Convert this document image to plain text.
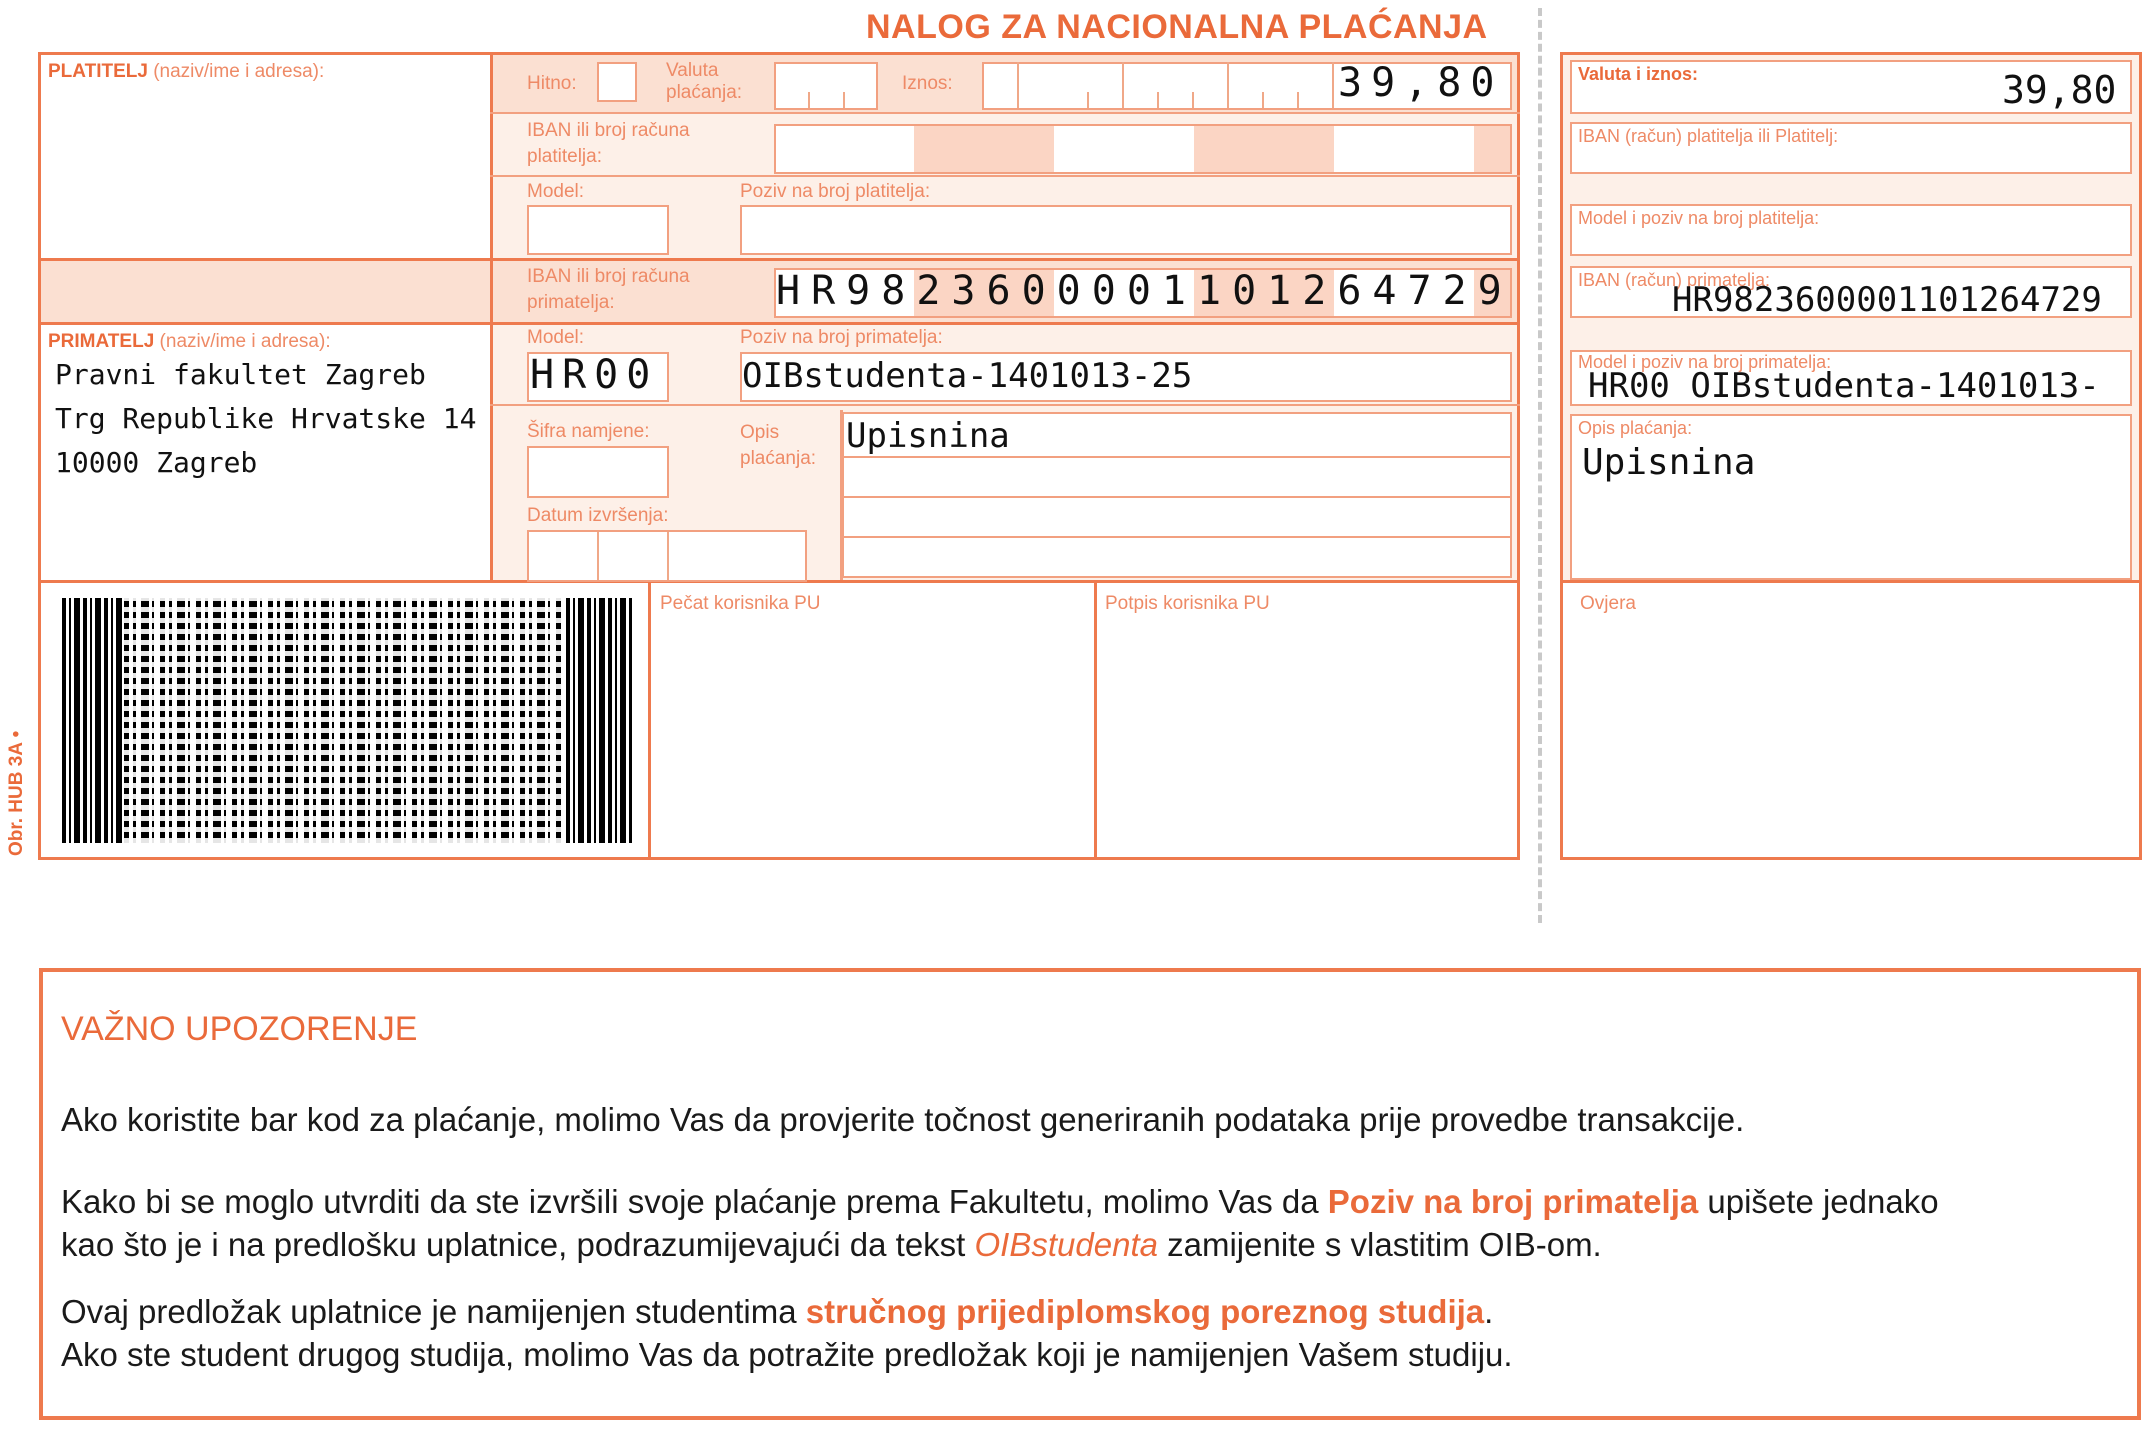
NALOG ZA NACIONALNA PLAĆANJA
Obr. HUB 3A •
PLATITELJ (naziv/ime i adresa):
Hitno:
Valuta
plaćanja:	Iznos:	39,80
IBAN ili broj računa
platitelja:
Model:	Poziv na broj platitelja:
IBAN ili broj računa
primatelja:	HR9823600001101264729
PRIMATELJ (naziv/ime i adresa):
Pravni fakultet Zagreb
Trg Republike Hrvatske 14
10000 Zagreb
Model:
HR00
Poziv na broj primatelja:
OIBstudenta-1401013-25
Šifra namjene:	Opis
plaćanja:
Upisnina
Datum izvršenja:
Pečat korisnika PU	Potpis korisnika PU
Valuta i iznos:	39,80
IBAN (račun) platitelja ili Platitelj:
Model i poziv na broj platitelja:
IBAN (račun) primatelja:
HR9823600001101264729
Model i poziv na broj primatelja:
HR00 OIBstudenta-1401013-
Opis plaćanja:
Upisnina
Ovjera
VAŽNO UPOZORENJE
Ako koristite bar kod za plaćanje, molimo Vas da provjerite točnost generiranih podataka prije provedbe transakcije.
Kako bi se moglo utvrditi da ste izvršili svoje plaćanje prema Fakultetu, molimo Vas da Poziv na broj primatelja upišete jednako
kao što je i na predlošku uplatnice, podrazumijevajući da tekst OIBstudenta zamijenite s vlastitim OIB-om.
Ovaj predložak uplatnice je namijenjen studentima stručnog prijediplomskog poreznog studija.
Ako ste student drugog studija, molimo Vas da potražite predložak koji je namijenjen Vašem studiju.
